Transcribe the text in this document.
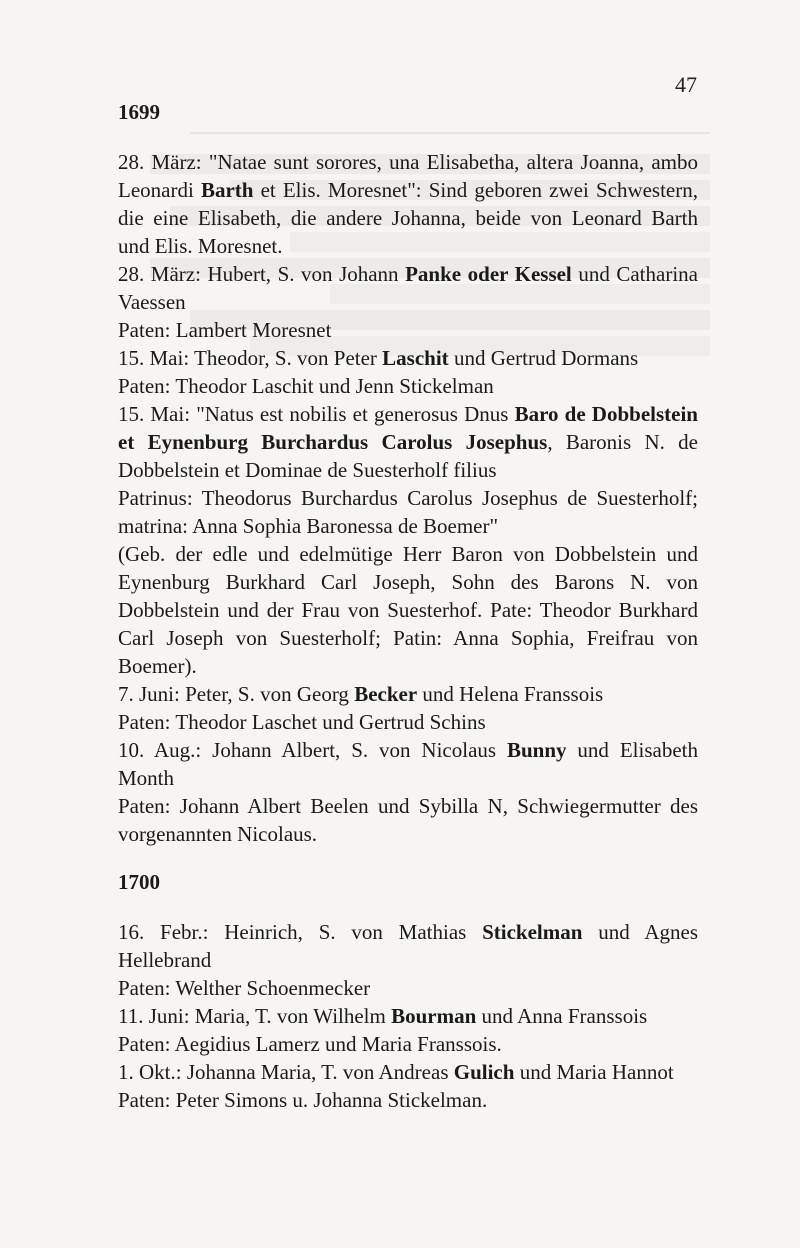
47
1699
28. März: "Natae sunt sorores, una Elisabetha, altera Joanna, ambo
Leonardi Barth et Elis. Moresnet": Sind geboren zwei Schwestern,
die eine Elisabeth, die andere Johanna, beide von Leonard Barth
und Elis. Moresnet.
28. März: Hubert, S. von Johann Panke oder Kessel und Catharina
Vaessen
Paten: Lambert Moresnet
15. Mai: Theodor, S. von Peter Laschit und Gertrud Dormans
Paten: Theodor Laschit und Jenn Stickelman
15. Mai: "Natus est nobilis et generosus Dnus Baro de Dobbelstein
et Eynenburg Burchardus Carolus Josephus, Baronis N. de
Dobbelstein et Dominae de Suesterholf filius
Patrinus: Theodorus Burchardus Carolus Josephus de Suesterholf;
matrina: Anna Sophia Baronessa de Boemer"
(Geb. der edle und edelmütige Herr Baron von Dobbelstein und
Eynenburg Burkhard Carl Joseph, Sohn des Barons N. von
Dobbelstein und der Frau von Suesterhof. Pate: Theodor Burkhard
Carl Joseph von Suesterholf; Patin: Anna Sophia, Freifrau von
Boemer).
7. Juni: Peter, S. von Georg Becker und Helena Franssois
Paten: Theodor Laschet und Gertrud Schins
10. Aug.: Johann Albert, S. von Nicolaus Bunny und Elisabeth
Month
Paten: Johann Albert Beelen und Sybilla N, Schwiegermutter des
vorgenannten Nicolaus.
1700
16. Febr.: Heinrich, S. von Mathias Stickelman und Agnes
Hellebrand
Paten: Welther Schoenmecker
11. Juni: Maria, T. von Wilhelm Bourman und Anna Franssois
Paten: Aegidius Lamerz und Maria Franssois.
1. Okt.: Johanna Maria, T. von Andreas Gulich und Maria Hannot
Paten: Peter Simons u. Johanna Stickelman.
